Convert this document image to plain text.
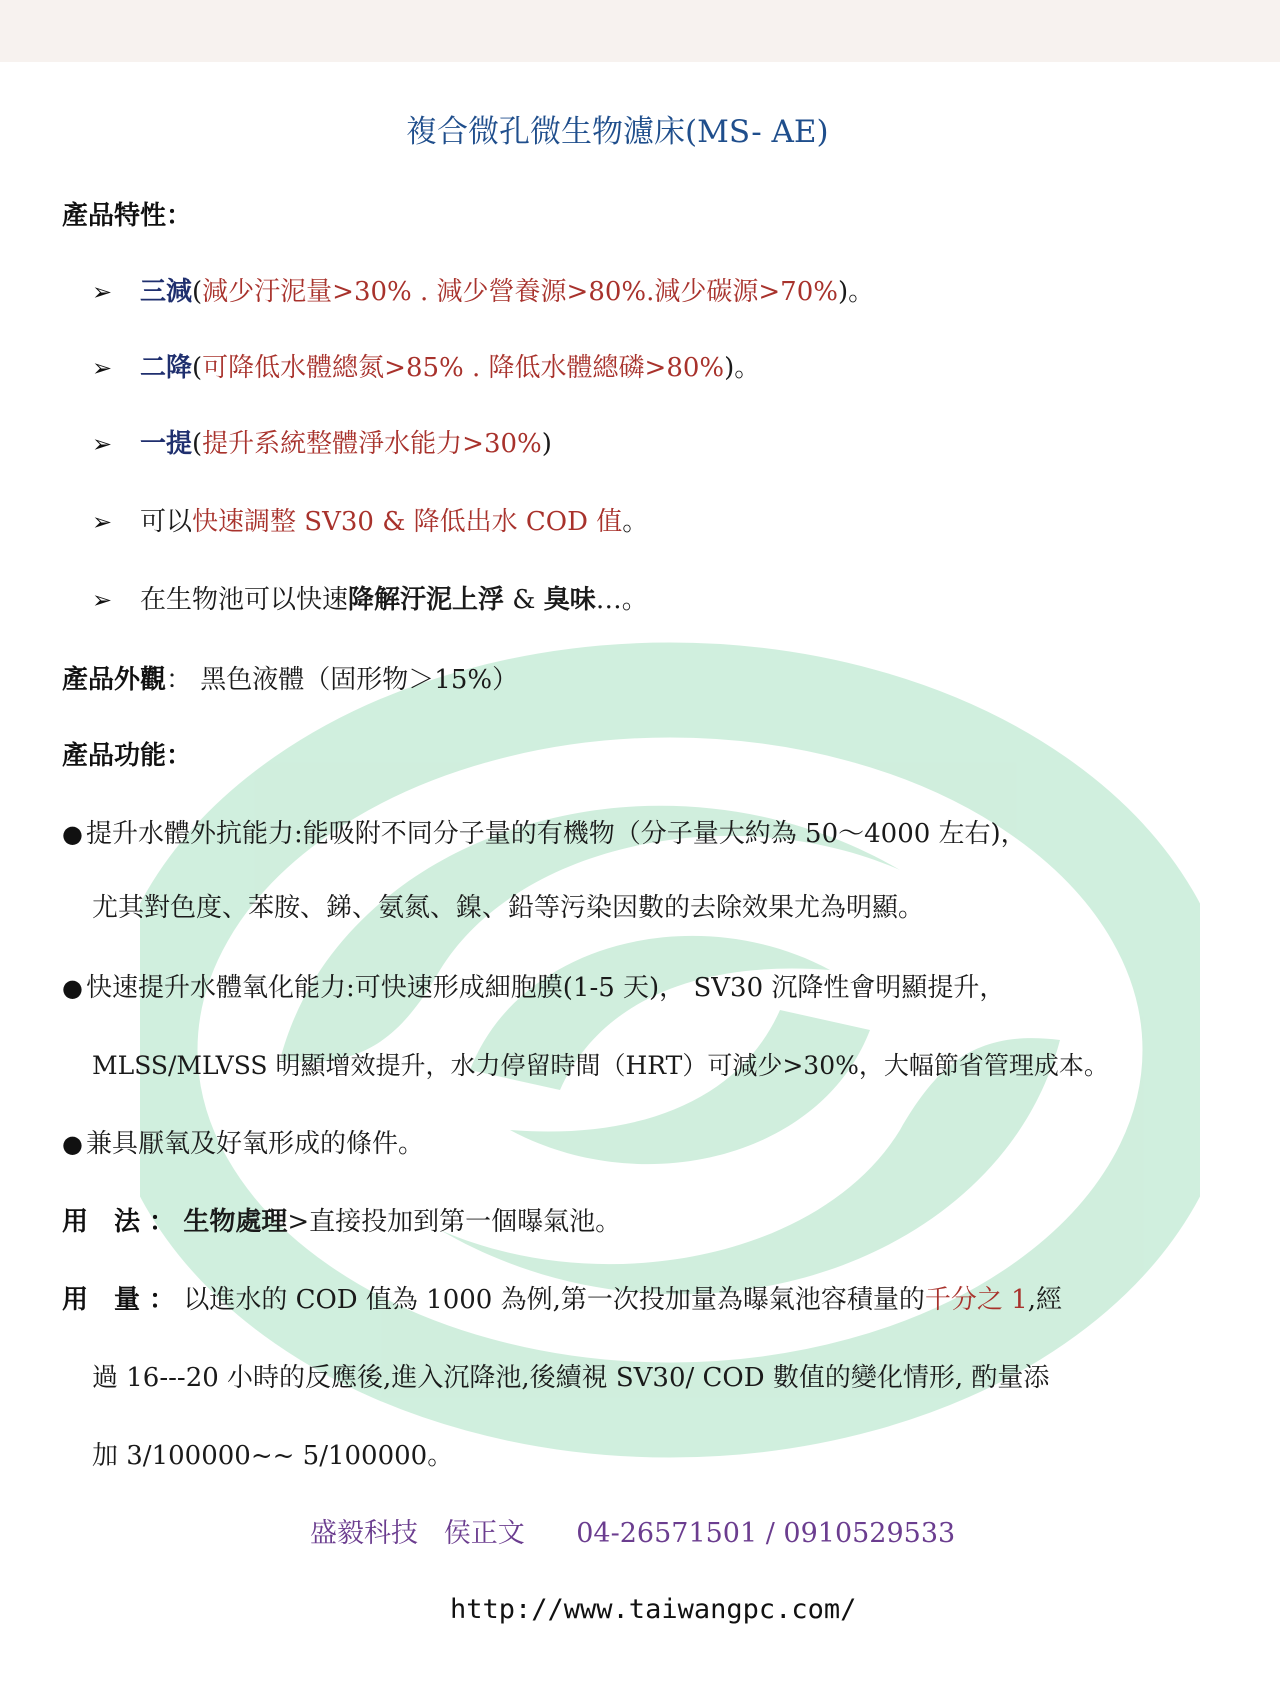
複合微孔微生物濾床(MS- AE)
產品特性：
➢ 三減(減少汙泥量>30% . 減少營養源>80%.減少碳源>70%)。
➢ 二降(可降低水體總氮>85% . 降低水體總磷>80%)。
➢ 一提(提升系統整體淨水能力>30%)
➢ 可以快速調整 SV30 & 降低出水 COD 值。
➢ 在生物池可以快速降解汙泥上浮 & 臭味…。
產品外觀： 黑色液體（固形物＞15%）
產品功能：
● 提升水體外抗能力:能吸附不同分子量的有機物（分子量大約為 50～4000 左右)，
尤其對色度、苯胺、銻、氨氮、鎳、鉛等污染因數的去除效果尤為明顯。
● 快速提升水體氧化能力:可快速形成細胞膜(1-5 天)， SV30 沉降性會明顯提升，
MLSS/MLVSS 明顯增效提升，水力停留時間（HRT）可減少>30%，大幅節省管理成本。
● 兼具厭氧及好氧形成的條件。
用　法 ： 生物處理>直接投加到第一個曝氣池。
用　量 ： 以進水的 COD 值為 1000 為例,第一次投加量為曝氣池容積量的千分之 1,經
過 16---20 小時的反應後,進入沉降池,後續視 SV30/ COD 數值的變化情形, 酌量添
加 3/100000~~ 5/100000。
盛毅科技 侯正文 04-26571501 / 0910529533
http://www.taiwangpc.com/
